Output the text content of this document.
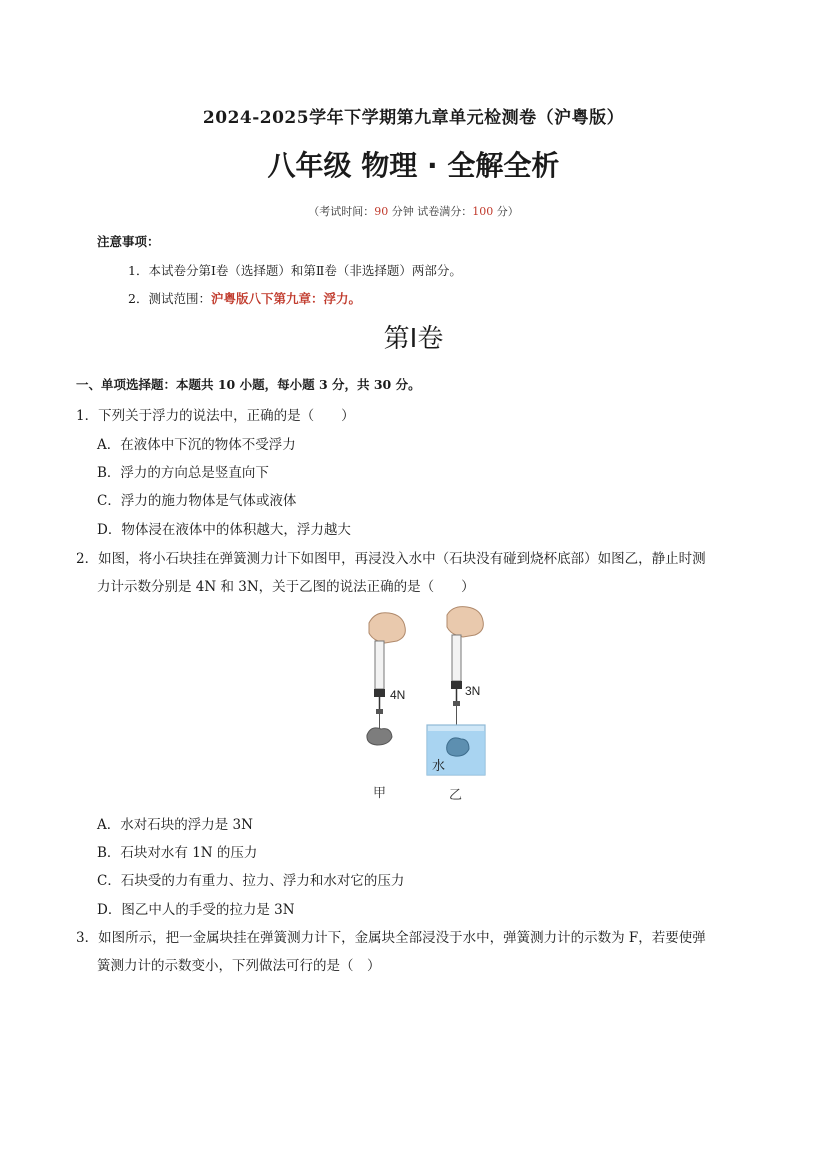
2024-2025学年下学期第九章单元检测卷（沪粤版）
八年级 物理 · 全解全析
（考试时间：90 分钟 试卷满分：100 分）
注意事项：
1．本试卷分第Ⅰ卷（选择题）和第Ⅱ卷（非选择题）两部分。
2．测试范围：沪粤版八下第九章：浮力。
第Ⅰ卷
一、单项选择题：本题共 10 小题，每小题 3 分，共 30 分。
1．下列关于浮力的说法中，正确的是（　　）
A．在液体中下沉的物体不受浮力
B．浮力的方向总是竖直向下
C．浮力的施力物体是气体或液体
D．物体浸在液体中的体积越大，浮力越大
2．如图，将小石块挂在弹簧测力计下如图甲，再浸没入水中（石块没有碰到烧杯底部）如图乙，静止时测
力计示数分别是 4N 和 3N，关于乙图的说法正确的是（　　）
4N	3N
水
甲	乙
A．水对石块的浮力是 3N
B．石块对水有 1N 的压力
C．石块受的力有重力、拉力、浮力和水对它的压力
D．图乙中人的手受的拉力是 3N
3．如图所示，把一金属块挂在弹簧测力计下，金属块全部浸没于水中，弹簧测力计的示数为 F，若要使弹
簧测力计的示数变小，下列做法可行的是（　）
